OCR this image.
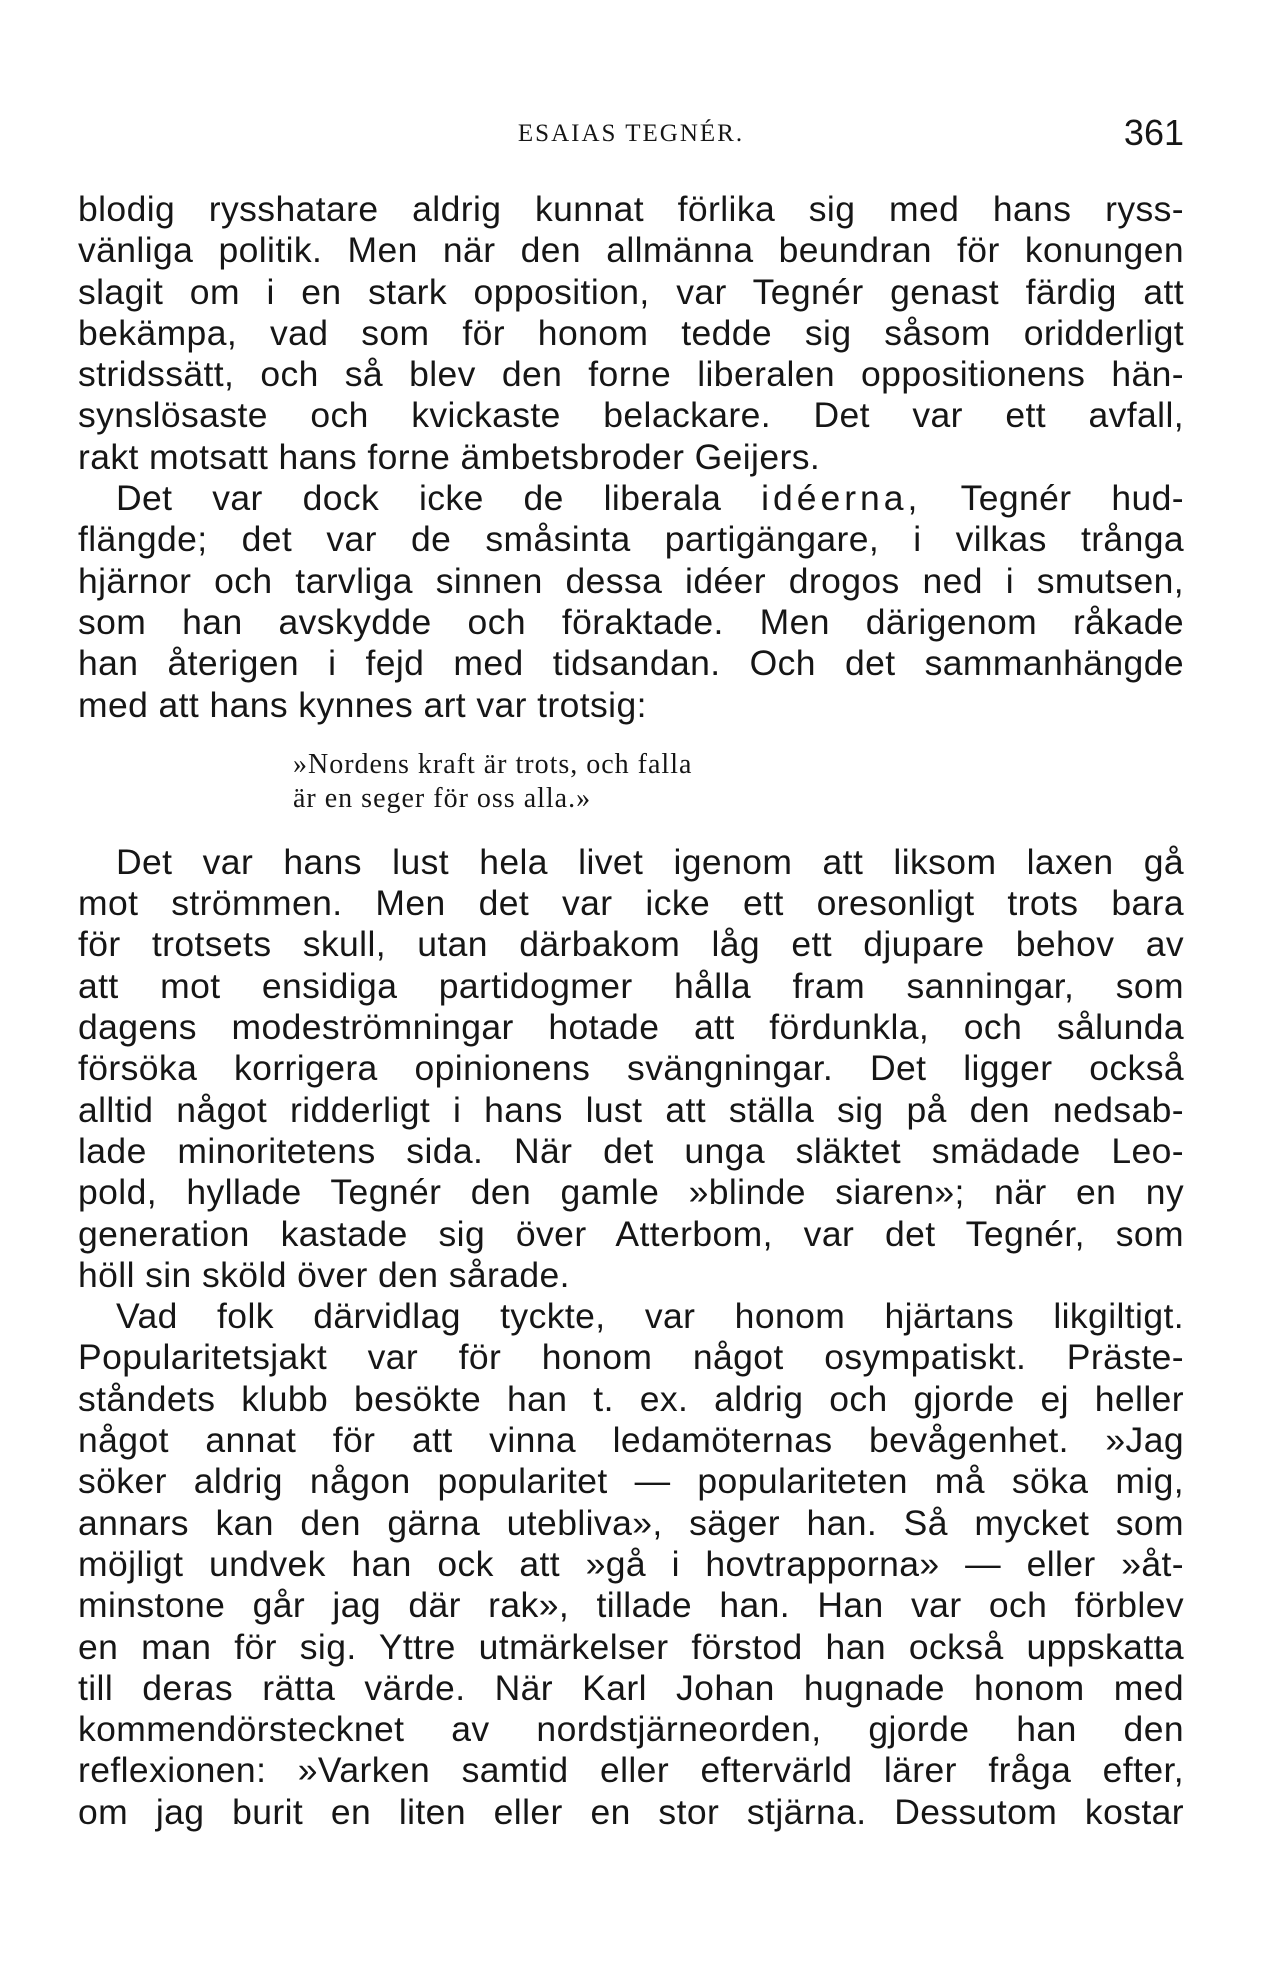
ESAIAS TEGNÉR.	361
blodig rysshatare aldrig kunnat förlika sig med hans ryss-
vänliga politik. Men när den allmänna beundran för konungen
slagit om i en stark opposition, var Tegnér genast färdig att
bekämpa, vad som för honom tedde sig såsom oridderligt
stridssätt, och så blev den forne liberalen oppositionens hän-
synslösaste och kvickaste belackare. Det var ett avfall,
rakt motsatt hans forne ämbetsbroder Geijers.
Det var dock icke de liberala idéerna, Tegnér hud-
flängde; det var de småsinta partigängare, i vilkas trånga
hjärnor och tarvliga sinnen dessa idéer drogos ned i smutsen,
som han avskydde och föraktade. Men därigenom råkade
han återigen i fejd med tidsandan. Och det sammanhängde
med att hans kynnes art var trotsig:
»Nordens kraft är trots, och falla
är en seger för oss alla.»
Det var hans lust hela livet igenom att liksom laxen gå
mot strömmen. Men det var icke ett oresonligt trots bara
för trotsets skull, utan därbakom låg ett djupare behov av
att mot ensidiga partidogmer hålla fram sanningar, som
dagens modeströmningar hotade att fördunkla, och sålunda
försöka korrigera opinionens svängningar. Det ligger också
alltid något ridderligt i hans lust att ställa sig på den nedsab-
lade minoritetens sida. När det unga släktet smädade Leo-
pold, hyllade Tegnér den gamle »blinde siaren»; när en ny
generation kastade sig över Atterbom, var det Tegnér, som
höll sin sköld över den sårade.
Vad folk därvidlag tyckte, var honom hjärtans likgiltigt.
Popularitetsjakt var för honom något osympatiskt. Präste-
ståndets klubb besökte han t. ex. aldrig och gjorde ej heller
något annat för att vinna ledamöternas bevågenhet. »Jag
söker aldrig någon popularitet — populariteten må söka mig,
annars kan den gärna utebliva», säger han. Så mycket som
möjligt undvek han ock att »gå i hovtrapporna» — eller »åt-
minstone går jag där rak», tillade han. Han var och förblev
en man för sig. Yttre utmärkelser förstod han också uppskatta
till deras rätta värde. När Karl Johan hugnade honom med
kommendörstecknet av nordstjärneorden, gjorde han den
reflexionen: »Varken samtid eller eftervärld lärer fråga efter,
om jag burit en liten eller en stor stjärna. Dessutom kostar
